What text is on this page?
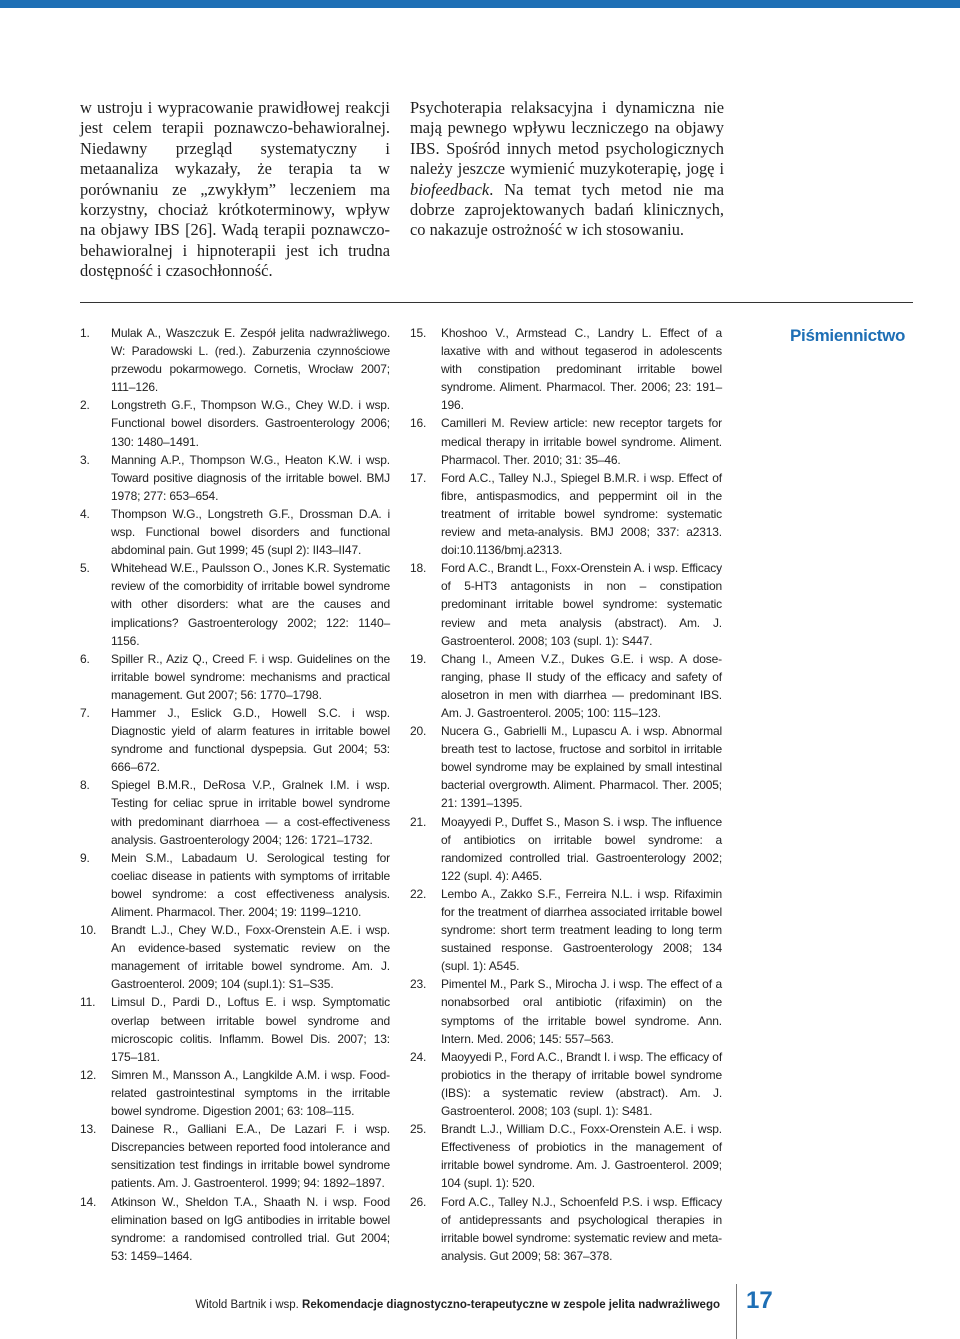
w ustroju i wypracowanie prawidłowej reakcji jest celem terapii poznawczo-behawioralnej. Niedawny przegląd systematyczny i metaanaliza wykazały, że terapia ta w porównaniu ze „zwykłym” leczeniem ma korzystny, chociaż krótkoterminowy, wpływ na objawy IBS [26]. Wadą terapii poznawczo-behawioralnej i hipnoterapii jest ich trudna dostępność i czasochłonność.

Psychoterapia relaksacyjna i dynamiczna nie mają pewnego wpływu leczniczego na objawy IBS. Spośród innych metod psychologicznych należy jeszcze wymienić muzykoterapię, jogę i biofeedback. Na temat tych metod nie ma dobrze zaprojektowanych badań klinicznych, co nakazuje ostrożność w ich stosowaniu.

1. Mulak A., Waszczuk E. Zespół jelita nadwrażliwego. W: Paradowski L. (red.). Zaburzenia czynnościowe przewodu pokarmowego. Cornetis, Wrocław 2007; 111–126.
2. Longstreth G.F., Thompson W.G., Chey W.D. i wsp. Functional bowel disorders. Gastroenterology 2006; 130: 1480–1491.
3. Manning A.P., Thompson W.G., Heaton K.W. i wsp. Toward positive diagnosis of the irritable bowel. BMJ 1978; 277: 653–654.
4. Thompson W.G., Longstreth G.F., Drossman D.A. i wsp. Functional bowel disorders and functional abdominal pain. Gut 1999; 45 (supl 2): II43–II47.
5. Whitehead W.E., Paulsson O., Jones K.R. Systematic review of the comorbidity of irritable bowel syndrome with other disorders: what are the causes and implications? Gastroenterology 2002; 122: 1140–1156.
6. Spiller R., Aziz Q., Creed F. i wsp. Guidelines on the irritable bowel syndrome: mechanisms and practical management. Gut 2007; 56: 1770–1798.
7. Hammer J., Eslick G.D., Howell S.C. i wsp. Diagnostic yield of alarm features in irritable bowel syndrome and functional dyspepsia. Gut 2004; 53: 666–672.
8. Spiegel B.M.R., DeRosa V.P., Gralnek I.M. i wsp. Testing for celiac sprue in irritable bowel syndrome with predominant diarrhoea — a cost-effectiveness analysis. Gastroenterology 2004; 126: 1721–1732.
9. Mein S.M., Labadaum U. Serological testing for coeliac disease in patients with symptoms of irritable bowel syndrome: a cost effectiveness analysis. Aliment. Pharmacol. Ther. 2004; 19: 1199–1210.
10. Brandt L.J., Chey W.D., Foxx-Orenstein A.E. i wsp. An evidence-based systematic review on the management of irritable bowel syndrome. Am. J. Gastroenterol. 2009; 104 (supl.1): S1–S35.
11. Limsul D., Pardi D., Loftus E. i wsp. Symptomatic overlap between irritable bowel syndrome and microscopic colitis. Inflamm. Bowel Dis. 2007; 13: 175–181.
12. Simren M., Mansson A., Langkilde A.M. i wsp. Food-related gastrointestinal symptoms in the irritable bowel syndrome. Digestion 2001; 63: 108–115.
13. Dainese R., Galliani E.A., De Lazari F. i wsp. Discrepancies between reported food intolerance and sensitization test findings in irritable bowel syndrome patients. Am. J. Gastroenterol. 1999; 94: 1892–1897.
14. Atkinson W., Sheldon T.A., Shaath N. i wsp. Food elimination based on IgG antibodies in irritable bowel syndrome: a randomised controlled trial. Gut 2004; 53: 1459–1464.
15. Khoshoo V., Armstead C., Landry L. Effect of a laxative with and without tegaserod in adolescents with constipation predominant irritable bowel syndrome. Aliment. Pharmacol. Ther. 2006; 23: 191–196.
16. Camilleri M. Review article: new receptor targets for medical therapy in irritable bowel syndrome. Aliment. Pharmacol. Ther. 2010; 31: 35–46.
17. Ford A.C., Talley N.J., Spiegel B.M.R. i wsp. Effect of fibre, antispasmodics, and peppermint oil in the treatment of irritable bowel syndrome: systematic review and meta-analysis. BMJ 2008; 337: a2313. doi:10.1136/bmj.a2313.
18. Ford A.C., Brandt L., Foxx-Orenstein A. i wsp. Efficacy of 5-HT3 antagonists in non – constipation predominant irritable bowel syndrome: systematic review and meta analysis (abstract). Am. J. Gastroenterol. 2008; 103 (supl. 1): S447.
19. Chang I., Ameen V.Z., Dukes G.E. i wsp. A dose-ranging, phase II study of the efficacy and safety of alosetron in men with diarrhea — predominant IBS. Am. J. Gastroenterol. 2005; 100: 115–123.
20. Nucera G., Gabrielli M., Lupascu A. i wsp. Abnormal breath test to lactose, fructose and sorbitol in irritable bowel syndrome may be explained by small intestinal bacterial overgrowth. Aliment. Pharmacol. Ther. 2005; 21: 1391–1395.
21. Moayyedi P., Duffet S., Mason S. i wsp. The influence of antibiotics on irritable bowel syndrome: a randomized controlled trial. Gastroenterology 2002; 122 (supl. 4): A465.
22. Lembo A., Zakko S.F., Ferreira N.L. i wsp. Rifaximin for the treatment of diarrhea associated irritable bowel syndrome: short term treatment leading to long term sustained response. Gastroenterology 2008; 134 (supl. 1): A545.
23. Pimentel M., Park S., Mirocha J. i wsp. The effect of a nonabsorbed oral antibiotic (rifaximin) on the symptoms of the irritable bowel syndrome. Ann. Intern. Med. 2006; 145: 557–563.
24. Maoyyedi P., Ford A.C., Brandt I. i wsp. The efficacy of probiotics in the therapy of irritable bowel syndrome (IBS): a systematic review (abstract). Am. J. Gastroenterol. 2008; 103 (supl. 1): S481.
25. Brandt L.J., William D.C., Foxx-Orenstein A.E. i wsp. Effectiveness of probiotics in the management of irritable bowel syndrome. Am. J. Gastroenterol. 2009; 104 (supl. 1): 520.
26. Ford A.C., Talley N.J., Schoenfeld P.S. i wsp. Efficacy of antidepressants and psychological therapies in irritable bowel syndrome: systematic review and meta-analysis. Gut 2009; 58: 367–378.
Piśmiennictwo
Witold Bartnik i wsp. Rekomendacje diagnostyczno-terapeutyczne w zespole jelita nadwrażliwego 17
